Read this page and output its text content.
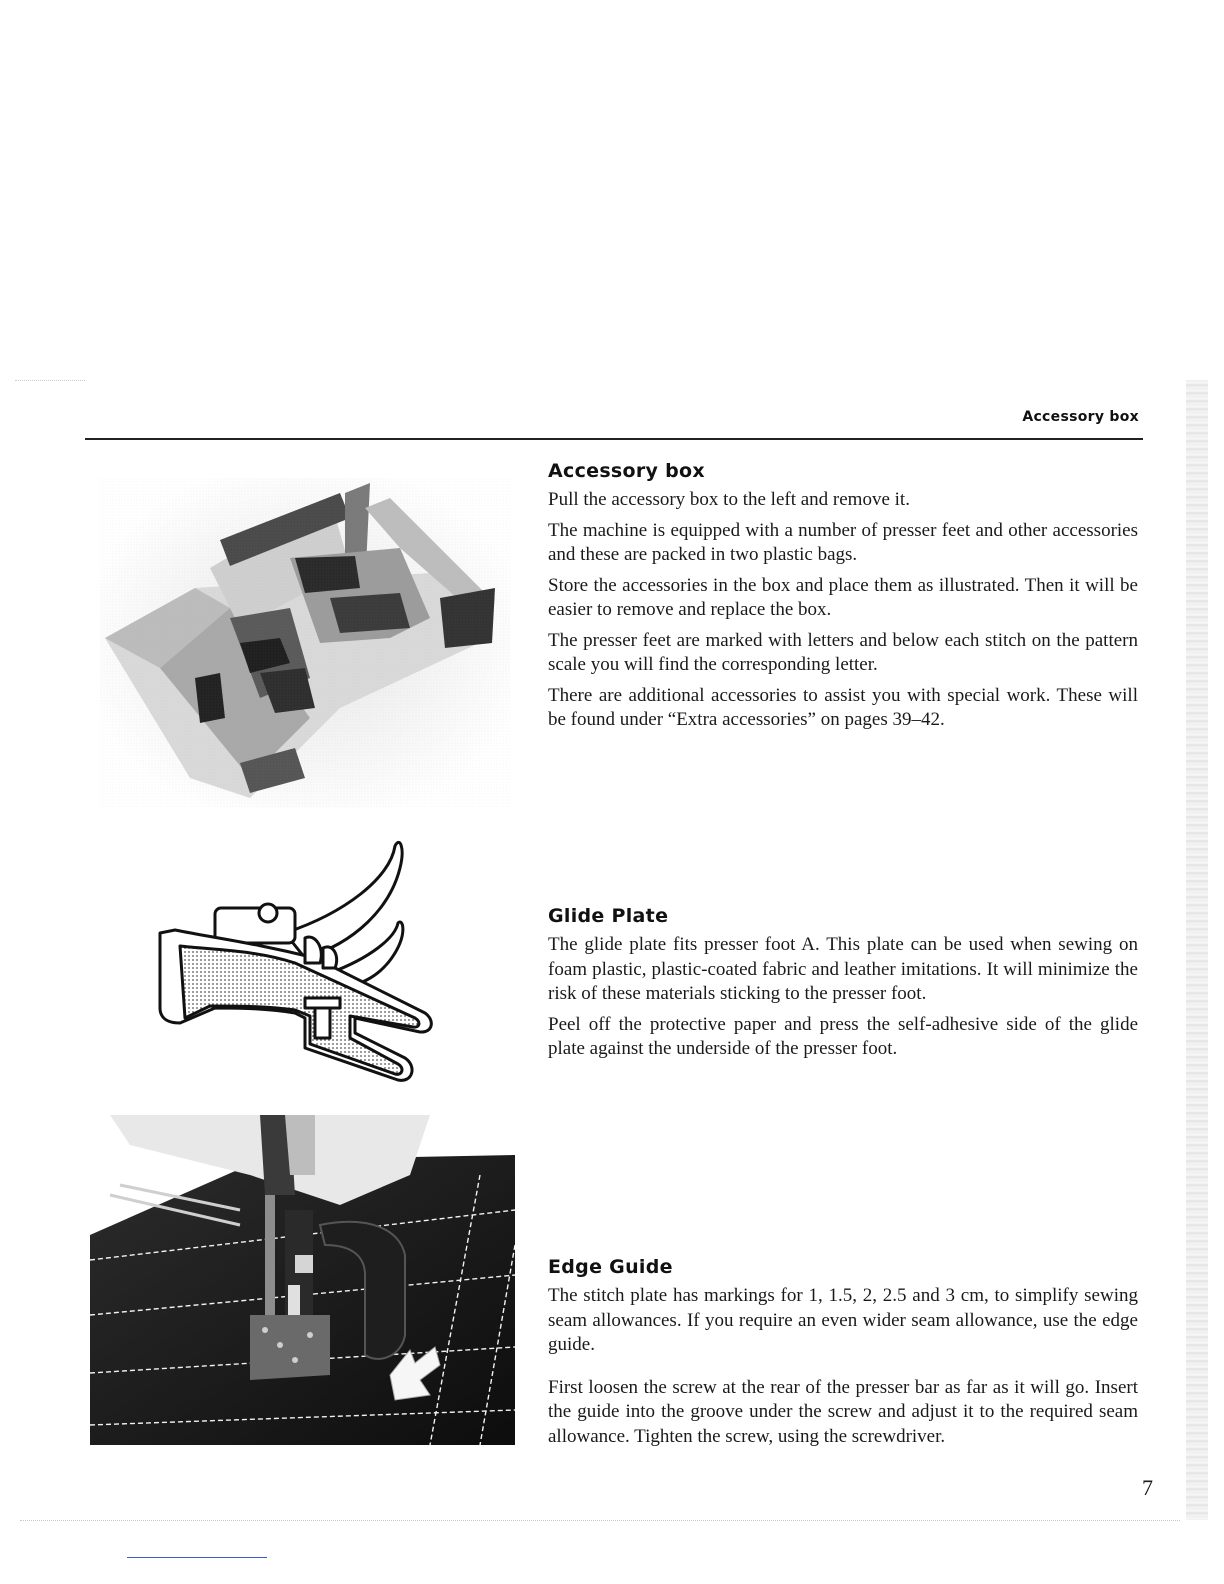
Accessory box
Accessory box

Pull the accessory box to the left and remove it.

The machine is equipped with a number of presser feet and other accessories and these are packed in two plastic bags.

Store the accessories in the box and place them as illustrated. Then it will be easier to remove and replace the box.

The presser feet are marked with letters and below each stitch on the pattern scale you will find the corresponding letter.

There are additional accessories to assist you with special work. These will be found under “Extra accessories” on pages 39–42.

Glide Plate

The glide plate fits presser foot A. This plate can be used when sewing on foam plastic, plastic-coated fabric and leather imitations. It will minimize the risk of these materials sticking to the presser foot.

Peel off the protective paper and press the self-adhesive side of the glide plate against the underside of the presser foot.

Edge Guide

The stitch plate has markings for 1, 1.5, 2, 2.5 and 3 cm, to simplify sewing seam allowances. If you require an even wider seam allowance, use the edge guide.

First loosen the screw at the rear of the presser bar as far as it will go. Insert the guide into the groove under the screw and adjust it to the required seam allowance. Tighten the screw, using the screwdriver.

7
